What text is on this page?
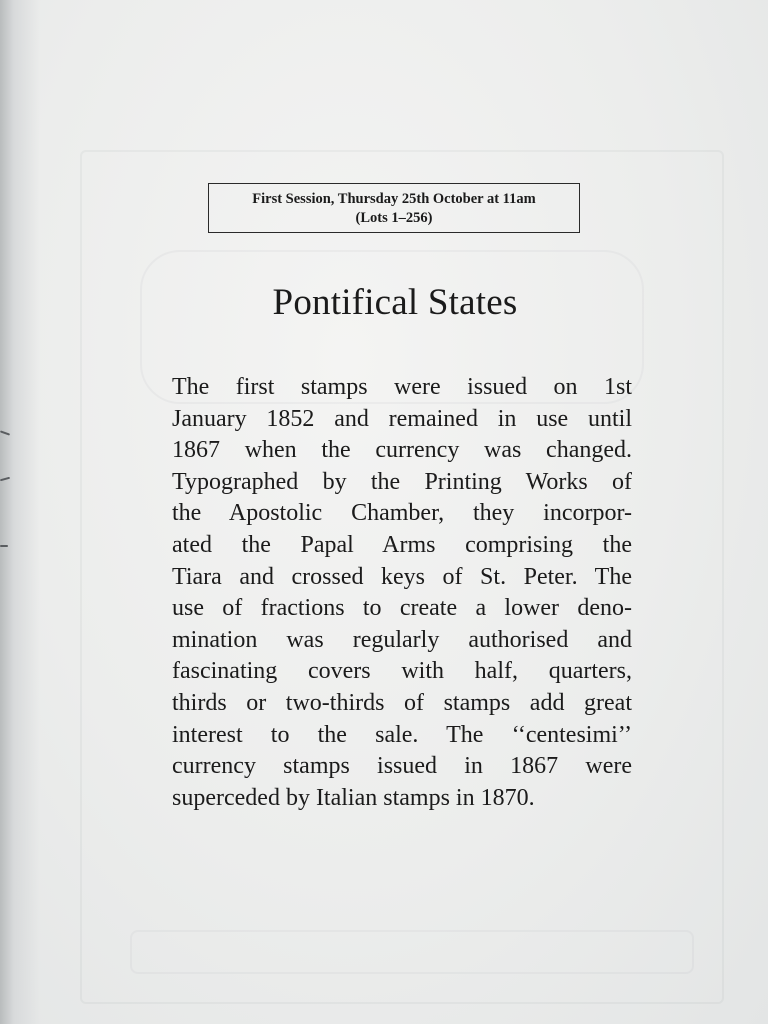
First Session, Thursday 25th October at 11am
(Lots 1–256)
Pontifical States

The first stamps were issued on 1st
January 1852 and remained in use until
1867 when the currency was changed.
Typographed by the Printing Works of
the Apostolic Chamber, they incorpor-
ated the Papal Arms comprising the
Tiara and crossed keys of St. Peter. The
use of fractions to create a lower deno-
mination was regularly authorised and
fascinating covers with half, quarters,
thirds or two-thirds of stamps add great
interest to the sale. The ‘‘centesimi’’
currency stamps issued in 1867 were
superceded by Italian stamps in 1870.
